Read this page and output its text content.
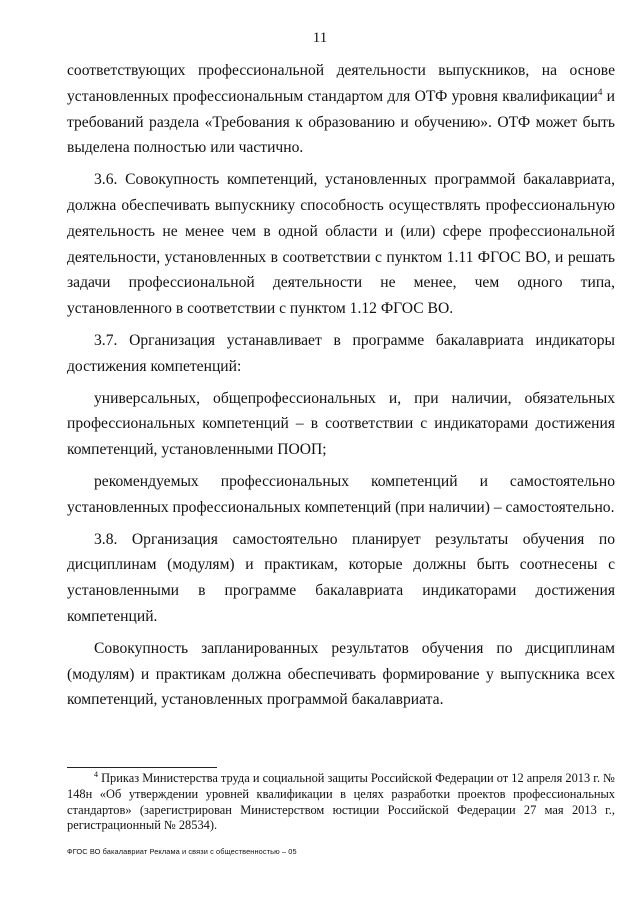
11

соответствующих профессиональной деятельности выпускников, на основе установленных профессиональным стандартом для ОТФ уровня квалификации$^4$ и требований раздела «Требования к образованию и обучению». ОТФ может быть выделена полностью или частично.

3.6. Совокупность компетенций, установленных программой бакалавриата, должна обеспечивать выпускнику способность осуществлять профессиональную деятельность не менее чем в одной области и (или) сфере профессиональной деятельности, установленных в соответствии с пунктом 1.11 ФГОС ВО, и решать задачи профессиональной деятельности не менее, чем одного типа, установленного в соответствии с пунктом 1.12 ФГОС ВО.

3.7. Организация устанавливает в программе бакалавриата индикаторы достижения компетенций:

универсальных, общепрофессиональных и, при наличии, обязательных профессиональных компетенций – в соответствии с индикаторами достижения компетенций, установленными ПООП;

рекомендуемых профессиональных компетенций и самостоятельно установленных профессиональных компетенций (при наличии) – самостоятельно.

3.8. Организация самостоятельно планирует результаты обучения по дисциплинам (модулям) и практикам, которые должны быть соотнесены с установленными в программе бакалавриата индикаторами достижения компетенций.

Совокупность запланированных результатов обучения по дисциплинам (модулям) и практикам должна обеспечивать формирование у выпускника всех компетенций, установленных программой бакалавриата.

$^4$ Приказ Министерства труда и социальной защиты Российской Федерации от 12 апреля 2013 г. № 148н «Об утверждении уровней квалификации в целях разработки проектов профессиональных стандартов» (зарегистрирован Министерством юстиции Российской Федерации 27 мая 2013 г., регистрационный № 28534).
ФГОС ВО бакалавриат Реклама и связи с общественностью – 05
